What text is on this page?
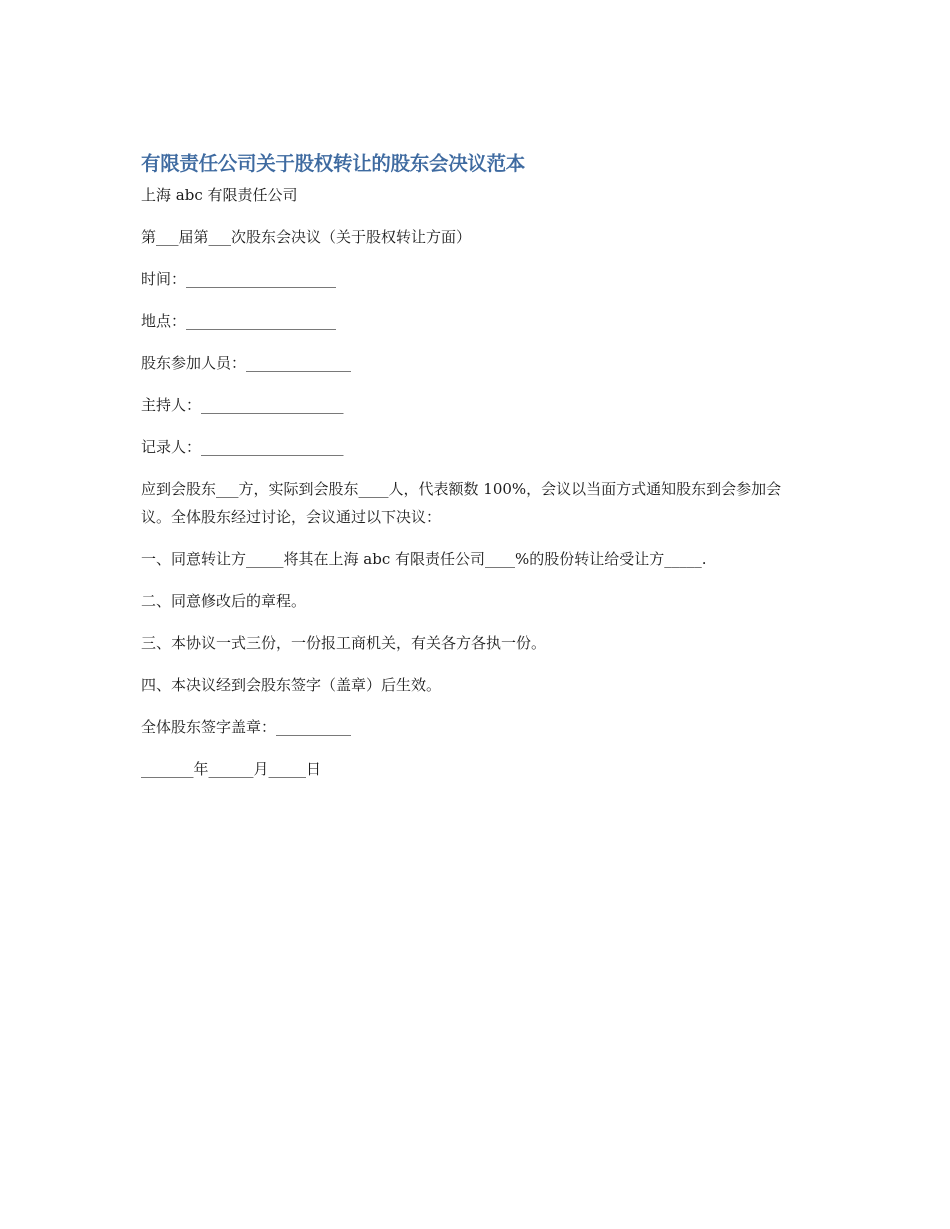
有限责任公司关于股权转让的股东会决议范本

上海 abc 有限责任公司

第___届第___次股东会决议（关于股权转让方面）

时间：____________________

地点：____________________

股东参加人员：______________

主持人：___________________

记录人：___________________

应到会股东___方，实际到会股东____人，代表额数 100%，会议以当面方式通知股东到会参加会议。全体股东经过讨论，会议通过以下决议：

一、同意转让方_____将其在上海 abc 有限责任公司____%的股份转让给受让方_____.

二、同意修改后的章程。

三、本协议一式三份，一份报工商机关，有关各方各执一份。

四、本决议经到会股东签字（盖章）后生效。

全体股东签字盖章：__________

_______年______月_____日
